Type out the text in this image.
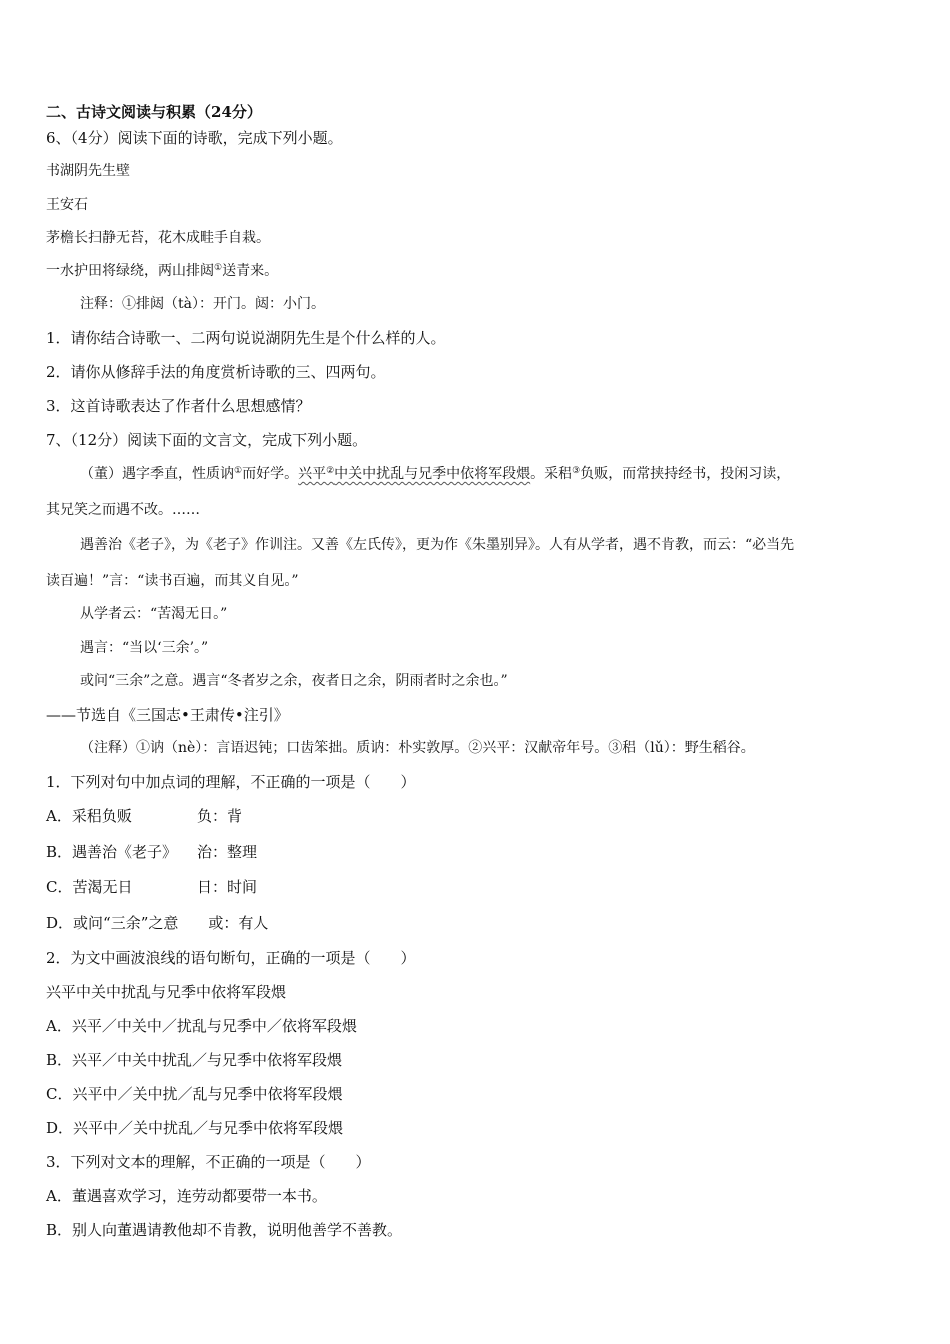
二、古诗文阅读与积累（24分）
6、（4分）阅读下面的诗歌，完成下列小题。
书湖阴先生壁
王安石
茅檐长扫静无苔，花木成畦手自栽。
一水护田将绿绕，两山排闼①送青来。
注释：①排闼（tà）：开门。闼：小门。
1．请你结合诗歌一、二两句说说湖阴先生是个什么样的人。
2．请你从修辞手法的角度赏析诗歌的三、四两句。
3．这首诗歌表达了作者什么思想感情？
7、（12分）阅读下面的文言文，完成下列小题。
（董）遇字季直，性质讷①而好学。兴平②中关中扰乱与兄季中依将军段煨。采稆③负贩，而常挟持经书，投闲习读，
其兄笑之而遇不改。……
遇善治《老子》，为《老子》作训注。又善《左氏传》，更为作《朱墨别异》。人有从学者，遇不肯教，而云：“必当先
读百遍！”言：“读书百遍，而其义自见。”
从学者云：“苦渴无日。”
遇言：“当以‘三余’。”
或问“三余”之意。遇言“冬者岁之余，夜者日之余，阴雨者时之余也。”
——节选自《三国志•王肃传•注引》
（注释）①讷（nè）：言语迟钝；口齿笨拙。质讷：朴实敦厚。②兴平：汉献帝年号。③稆（lǔ）：野生稻谷。
1．下列对句中加点词的理解，不正确的一项是（　　）
A．采稆负贩	负：背
B．遇善治《老子》 治：整理
C．苦渴无日	日：时间
D．或问“三余”之意 或：有人
2．为文中画波浪线的语句断句，正确的一项是（　　）
兴平中关中扰乱与兄季中依将军段煨
A．兴平／中关中／扰乱与兄季中／依将军段煨
B．兴平／中关中扰乱／与兄季中依将军段煨
C．兴平中／关中扰／乱与兄季中依将军段煨
D．兴平中／关中扰乱／与兄季中依将军段煨
3．下列对文本的理解，不正确的一项是（　　）
A．董遇喜欢学习，连劳动都要带一本书。
B．别人向董遇请教他却不肯教，说明他善学不善教。
